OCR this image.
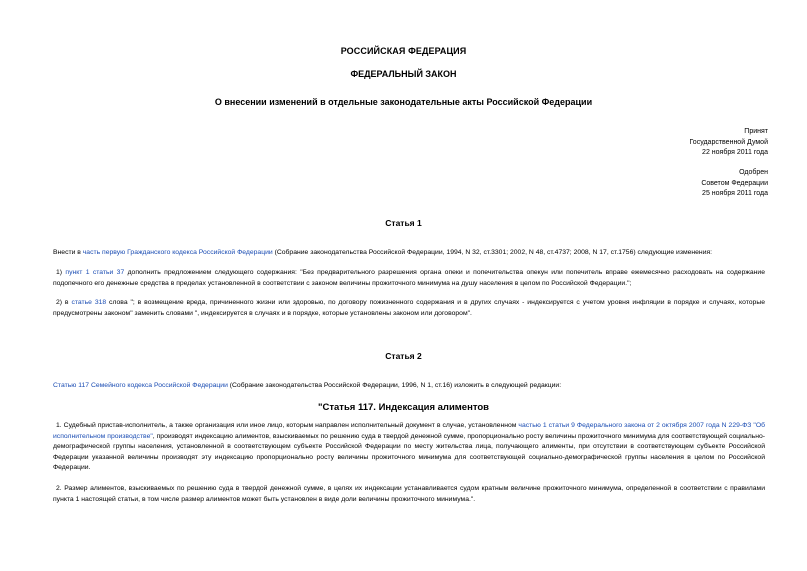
РОССИЙСКАЯ ФЕДЕРАЦИЯ
ФЕДЕРАЛЬНЫЙ ЗАКОН
О внесении изменений в отдельные законодательные акты Российской Федерации
Принят
Государственной Думой
22 ноября 2011 года
Одобрен
Советом Федерации
25 ноября 2011 года
Статья 1
Внести в часть первую Гражданского кодекса Российской Федерации (Собрание законодательства Российской Федерации, 1994, N 32, ст.3301; 2002, N 48, ст.4737; 2008, N 17, ст.1756) следующие изменения:
1) пункт 1 статьи 37 дополнить предложением следующего содержания: "Без предварительного разрешения органа опеки и попечительства опекун или попечитель вправе ежемесячно расходовать на содержание подопечного его денежные средства в пределах установленной в соответствии с законом величины прожиточного минимума на душу населения в целом по Российской Федерации.";
2) в статье 318 слова "; в возмещение вреда, причиненного жизни или здоровью, по договору пожизненного содержания и в других случаях - индексируется с учетом уровня инфляции в порядке и случаях, которые предусмотрены законом" заменить словами ", индексируется в случаях и в порядке, которые установлены законом или договором".
Статья 2
Статью 117 Семейного кодекса Российской Федерации (Собрание законодательства Российской Федерации, 1996, N 1, ст.16) изложить в следующей редакции:
"Статья 117. Индексация алиментов
1. Судебный пристав-исполнитель, а также организация или иное лицо, которым направлен исполнительный документ в случае, установленном частью 1 статьи 9 Федерального закона от 2 октября 2007 года N 229-ФЗ "Об исполнительном производстве", производят индексацию алиментов, взыскиваемых по решению суда в твердой денежной сумме, пропорционально росту величины прожиточного минимума для соответствующей социально-демографической группы населения, установленной в соответствующем субъекте Российской Федерации по месту жительства лица, получающего алименты, при отсутствии в соответствующем субъекте Российской Федерации указанной величины производят эту индексацию пропорционально росту величины прожиточного минимума для соответствующей социально-демографической группы населения в целом по Российской Федерации.
2. Размер алиментов, взыскиваемых по решению суда в твердой денежной сумме, в целях их индексации устанавливается судом кратным величине прожиточного минимума, определенной в соответствии с правилами пункта 1 настоящей статьи, в том числе размер алиментов может быть установлен в виде доли величины прожиточного минимума.".
